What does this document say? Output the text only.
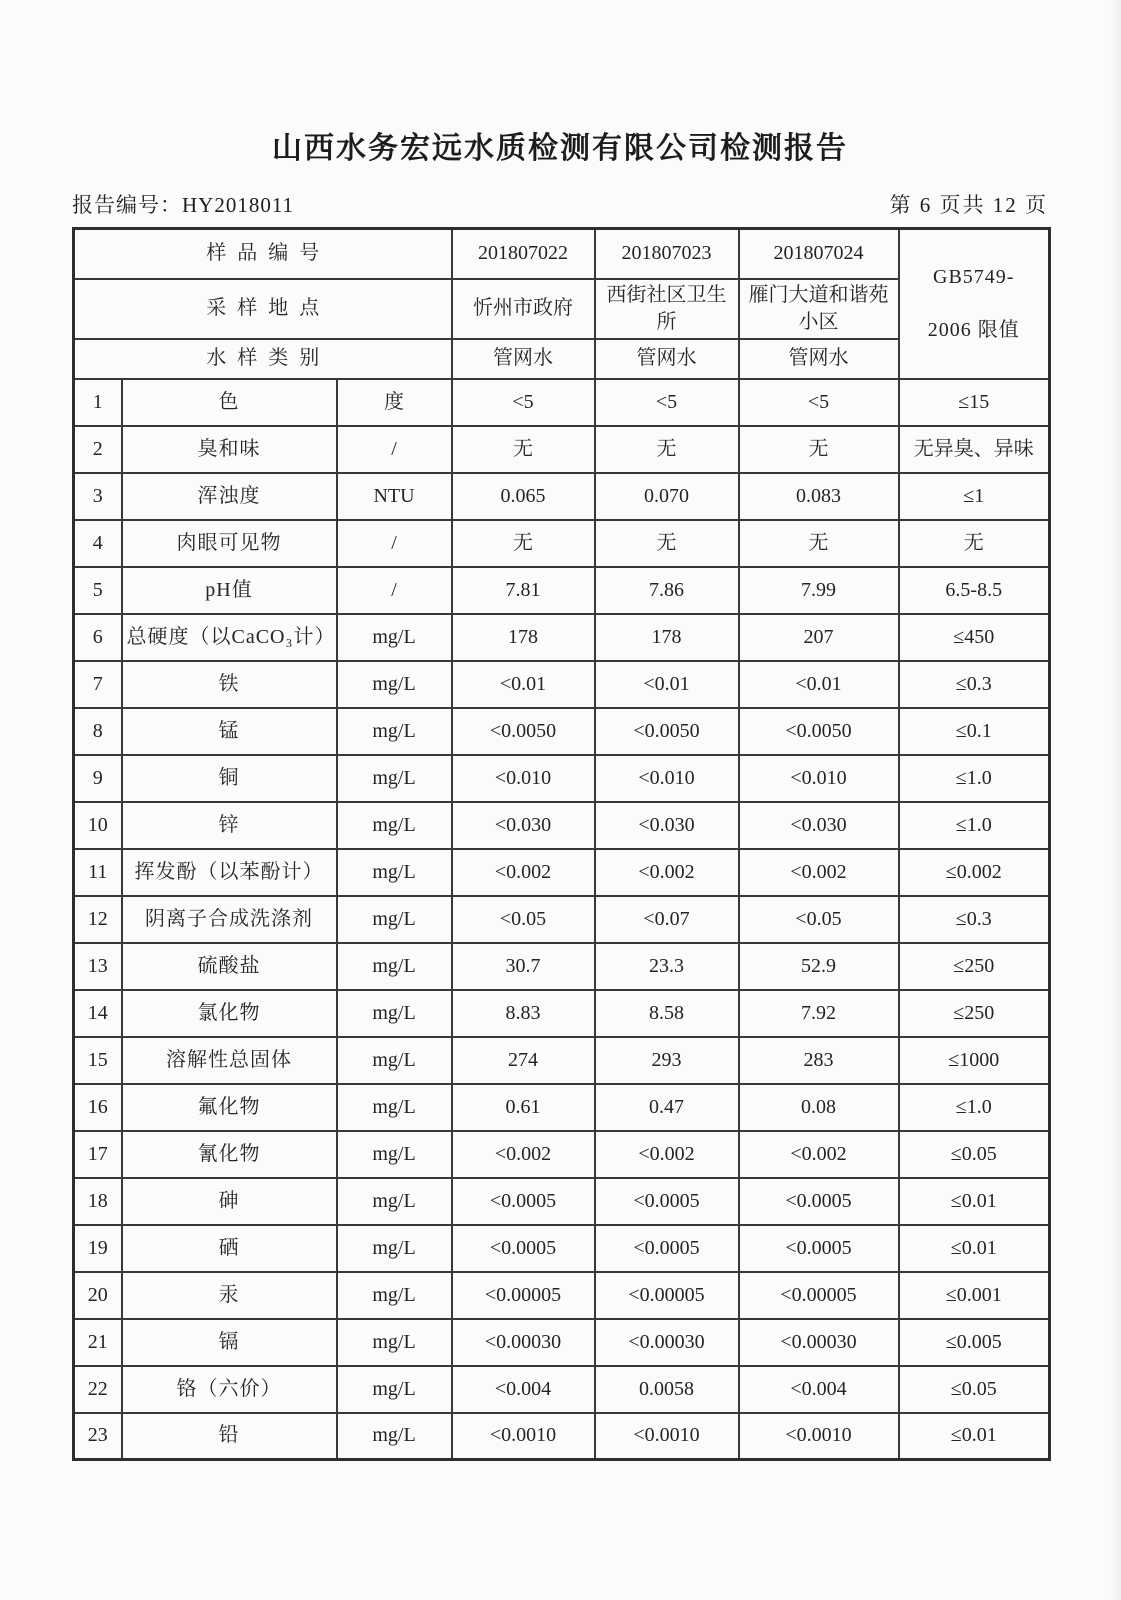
山西水务宏远水质检测有限公司检测报告
报告编号：HY2018011	第 6 页共 12 页
样品编号			201807022	201807023	201807024	GB5749-
2006 限值

采样地点			忻州市政府	西街社区卫生所	雁门大道和谐苑小区	
水样类别			管网水	管网水	管网水	
1	色	度	<5	<5	<5	≤15
2	臭和味	/	无	无	无	无异臭、异味
3	浑浊度	NTU	0.065	0.070	0.083	≤1
4	肉眼可见物	/	无	无	无	无
5	pH值	/	7.81	7.86	7.99	6.5-8.5
6	总硬度（以CaCO₃计）	mg/L	178	178	207	≤450
7	铁	mg/L	<0.01	<0.01	<0.01	≤0.3
8	锰	mg/L	<0.0050	<0.0050	<0.0050	≤0.1
9	铜	mg/L	<0.010	<0.010	<0.010	≤1.0
10	锌	mg/L	<0.030	<0.030	<0.030	≤1.0
11	挥发酚（以苯酚计）	mg/L	<0.002	<0.002	<0.002	≤0.002
12	阴离子合成洗涤剂	mg/L	<0.05	<0.07	<0.05	≤0.3
13	硫酸盐	mg/L	30.7	23.3	52.9	≤250
14	氯化物	mg/L	8.83	8.58	7.92	≤250
15	溶解性总固体	mg/L	274	293	283	≤1000
16	氟化物	mg/L	0.61	0.47	0.08	≤1.0
17	氰化物	mg/L	<0.002	<0.002	<0.002	≤0.05
18	砷	mg/L	<0.0005	<0.0005	<0.0005	≤0.01
19	硒	mg/L	<0.0005	<0.0005	<0.0005	≤0.01
20	汞	mg/L	<0.00005	<0.00005	<0.00005	≤0.001
21	镉	mg/L	<0.00030	<0.00030	<0.00030	≤0.005
22	铬（六价）	mg/L	<0.004	0.0058	<0.004	≤0.05
23	铅	mg/L	<0.0010	<0.0010	<0.0010	≤0.01
